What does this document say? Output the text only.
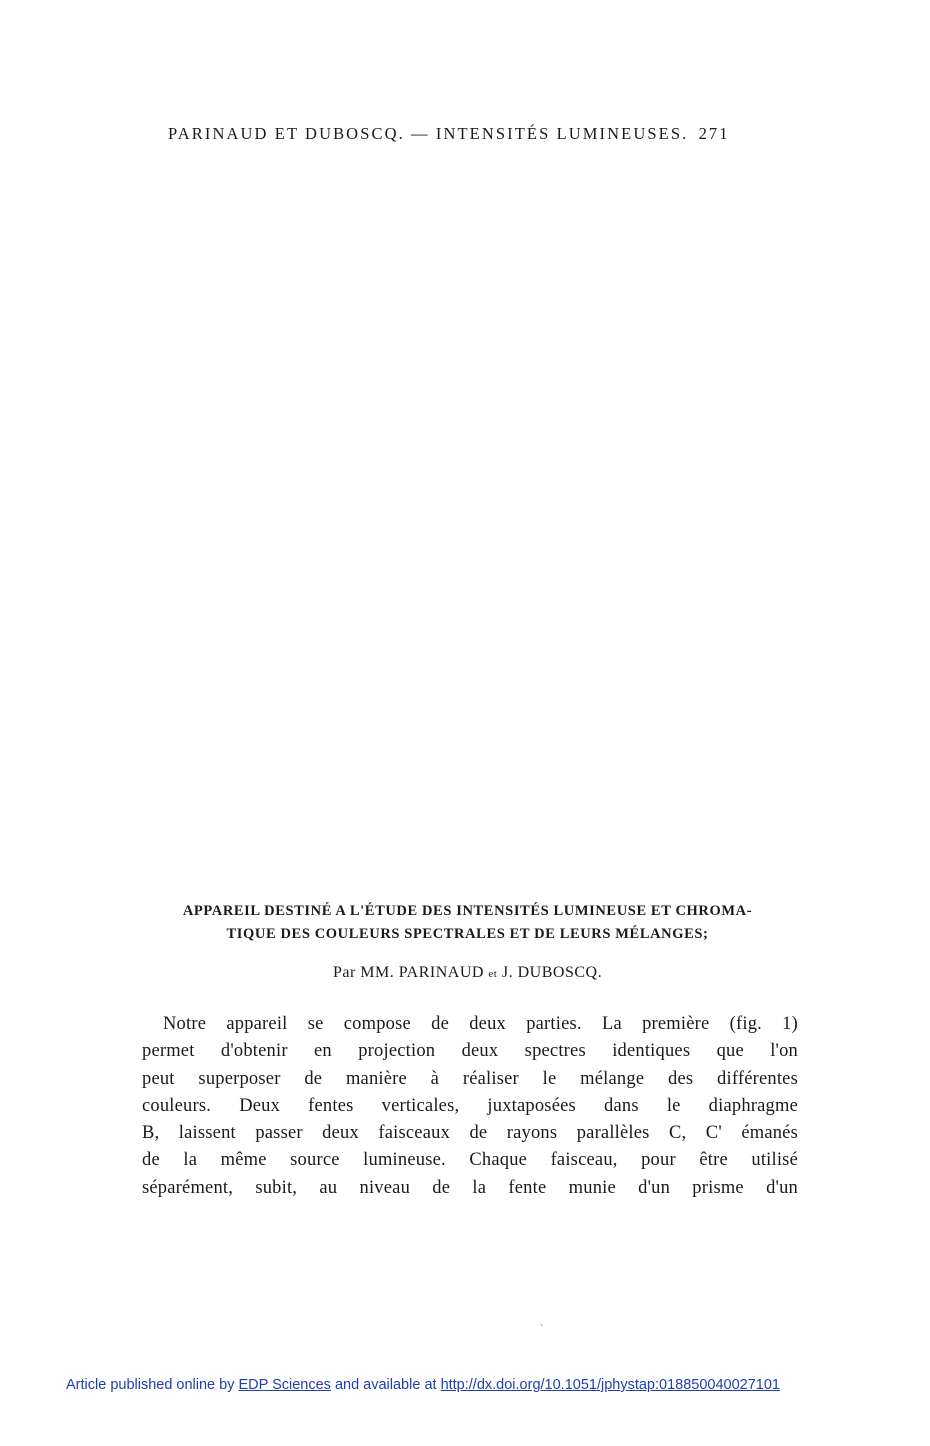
PARINAUD ET DUBOSCQ. — INTENSITÉS LUMINEUSES. 271
APPAREIL DESTINÉ A L'ÉTUDE DES INTENSITÉS LUMINEUSE ET CHROMA-
TIQUE DES COULEURS SPECTRALES ET DE LEURS MÉLANGES;
Par MM. PARINAUD et J. DUBOSCQ.
Notre appareil se compose de deux parties. La première (fig. 1)
permet d'obtenir en projection deux spectres identiques que l'on
peut superposer de manière à réaliser le mélange des différentes
couleurs. Deux fentes verticales, juxtaposées dans le diaphragme
B, laissent passer deux faisceaux de rayons parallèles C, C' émanés
de la même source lumineuse. Chaque faisceau, pour être utilisé
séparément, subit, au niveau de la fente munie d'un prisme d'un
ˋ
Article published online by EDP Sciences and available at http://dx.doi.org/10.1051/jphystap:018850040027101
